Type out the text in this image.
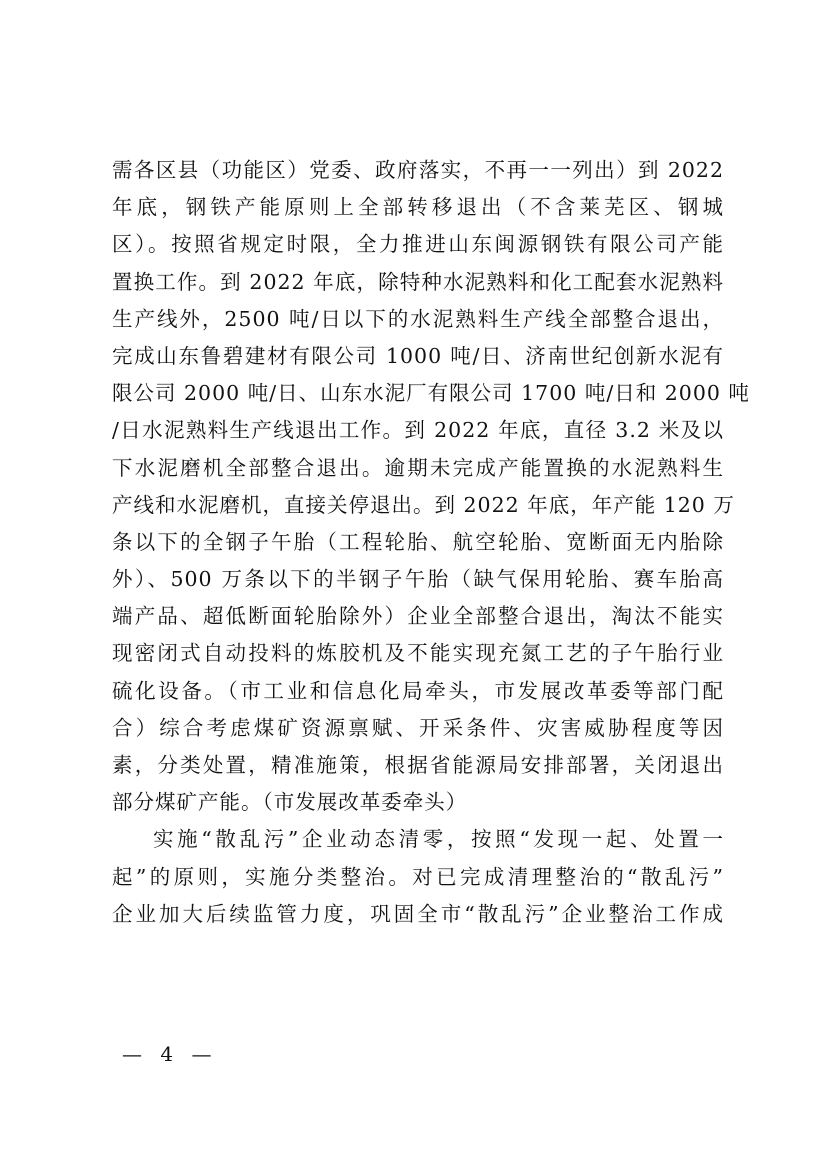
需各区县（功能区）党委、政府落实，不再一一列出）到 2022
年底，钢铁产能原则上全部转移退出（不含莱芜区、钢城
区）。按照省规定时限，全力推进山东闽源钢铁有限公司产能
置换工作。到 2022 年底，除特种水泥熟料和化工配套水泥熟料
生产线外，2500 吨/日以下的水泥熟料生产线全部整合退出，
完成山东鲁碧建材有限公司 1000 吨/日、济南世纪创新水泥有
限公司 2000 吨/日、山东水泥厂有限公司 1700 吨/日和 2000 吨
/日水泥熟料生产线退出工作。到 2022 年底，直径 3.2 米及以
下水泥磨机全部整合退出。逾期未完成产能置换的水泥熟料生
产线和水泥磨机，直接关停退出。到 2022 年底，年产能 120 万
条以下的全钢子午胎（工程轮胎、航空轮胎、宽断面无内胎除
外）、500 万条以下的半钢子午胎（缺气保用轮胎、赛车胎高
端产品、超低断面轮胎除外）企业全部整合退出，淘汰不能实
现密闭式自动投料的炼胶机及不能实现充氮工艺的子午胎行业
硫化设备。（市工业和信息化局牵头，市发展改革委等部门配
合）综合考虑煤矿资源禀赋、开采条件、灾害威胁程度等因
素，分类处置，精准施策，根据省能源局安排部署，关闭退出
部分煤矿产能。（市发展改革委牵头）
实施“散乱污”企业动态清零，按照“发现一起、处置一
起”的原则，实施分类整治。对已完成清理整治的“散乱污”
企业加大后续监管力度，巩固全市“散乱污”企业整治工作成
— 4 —
